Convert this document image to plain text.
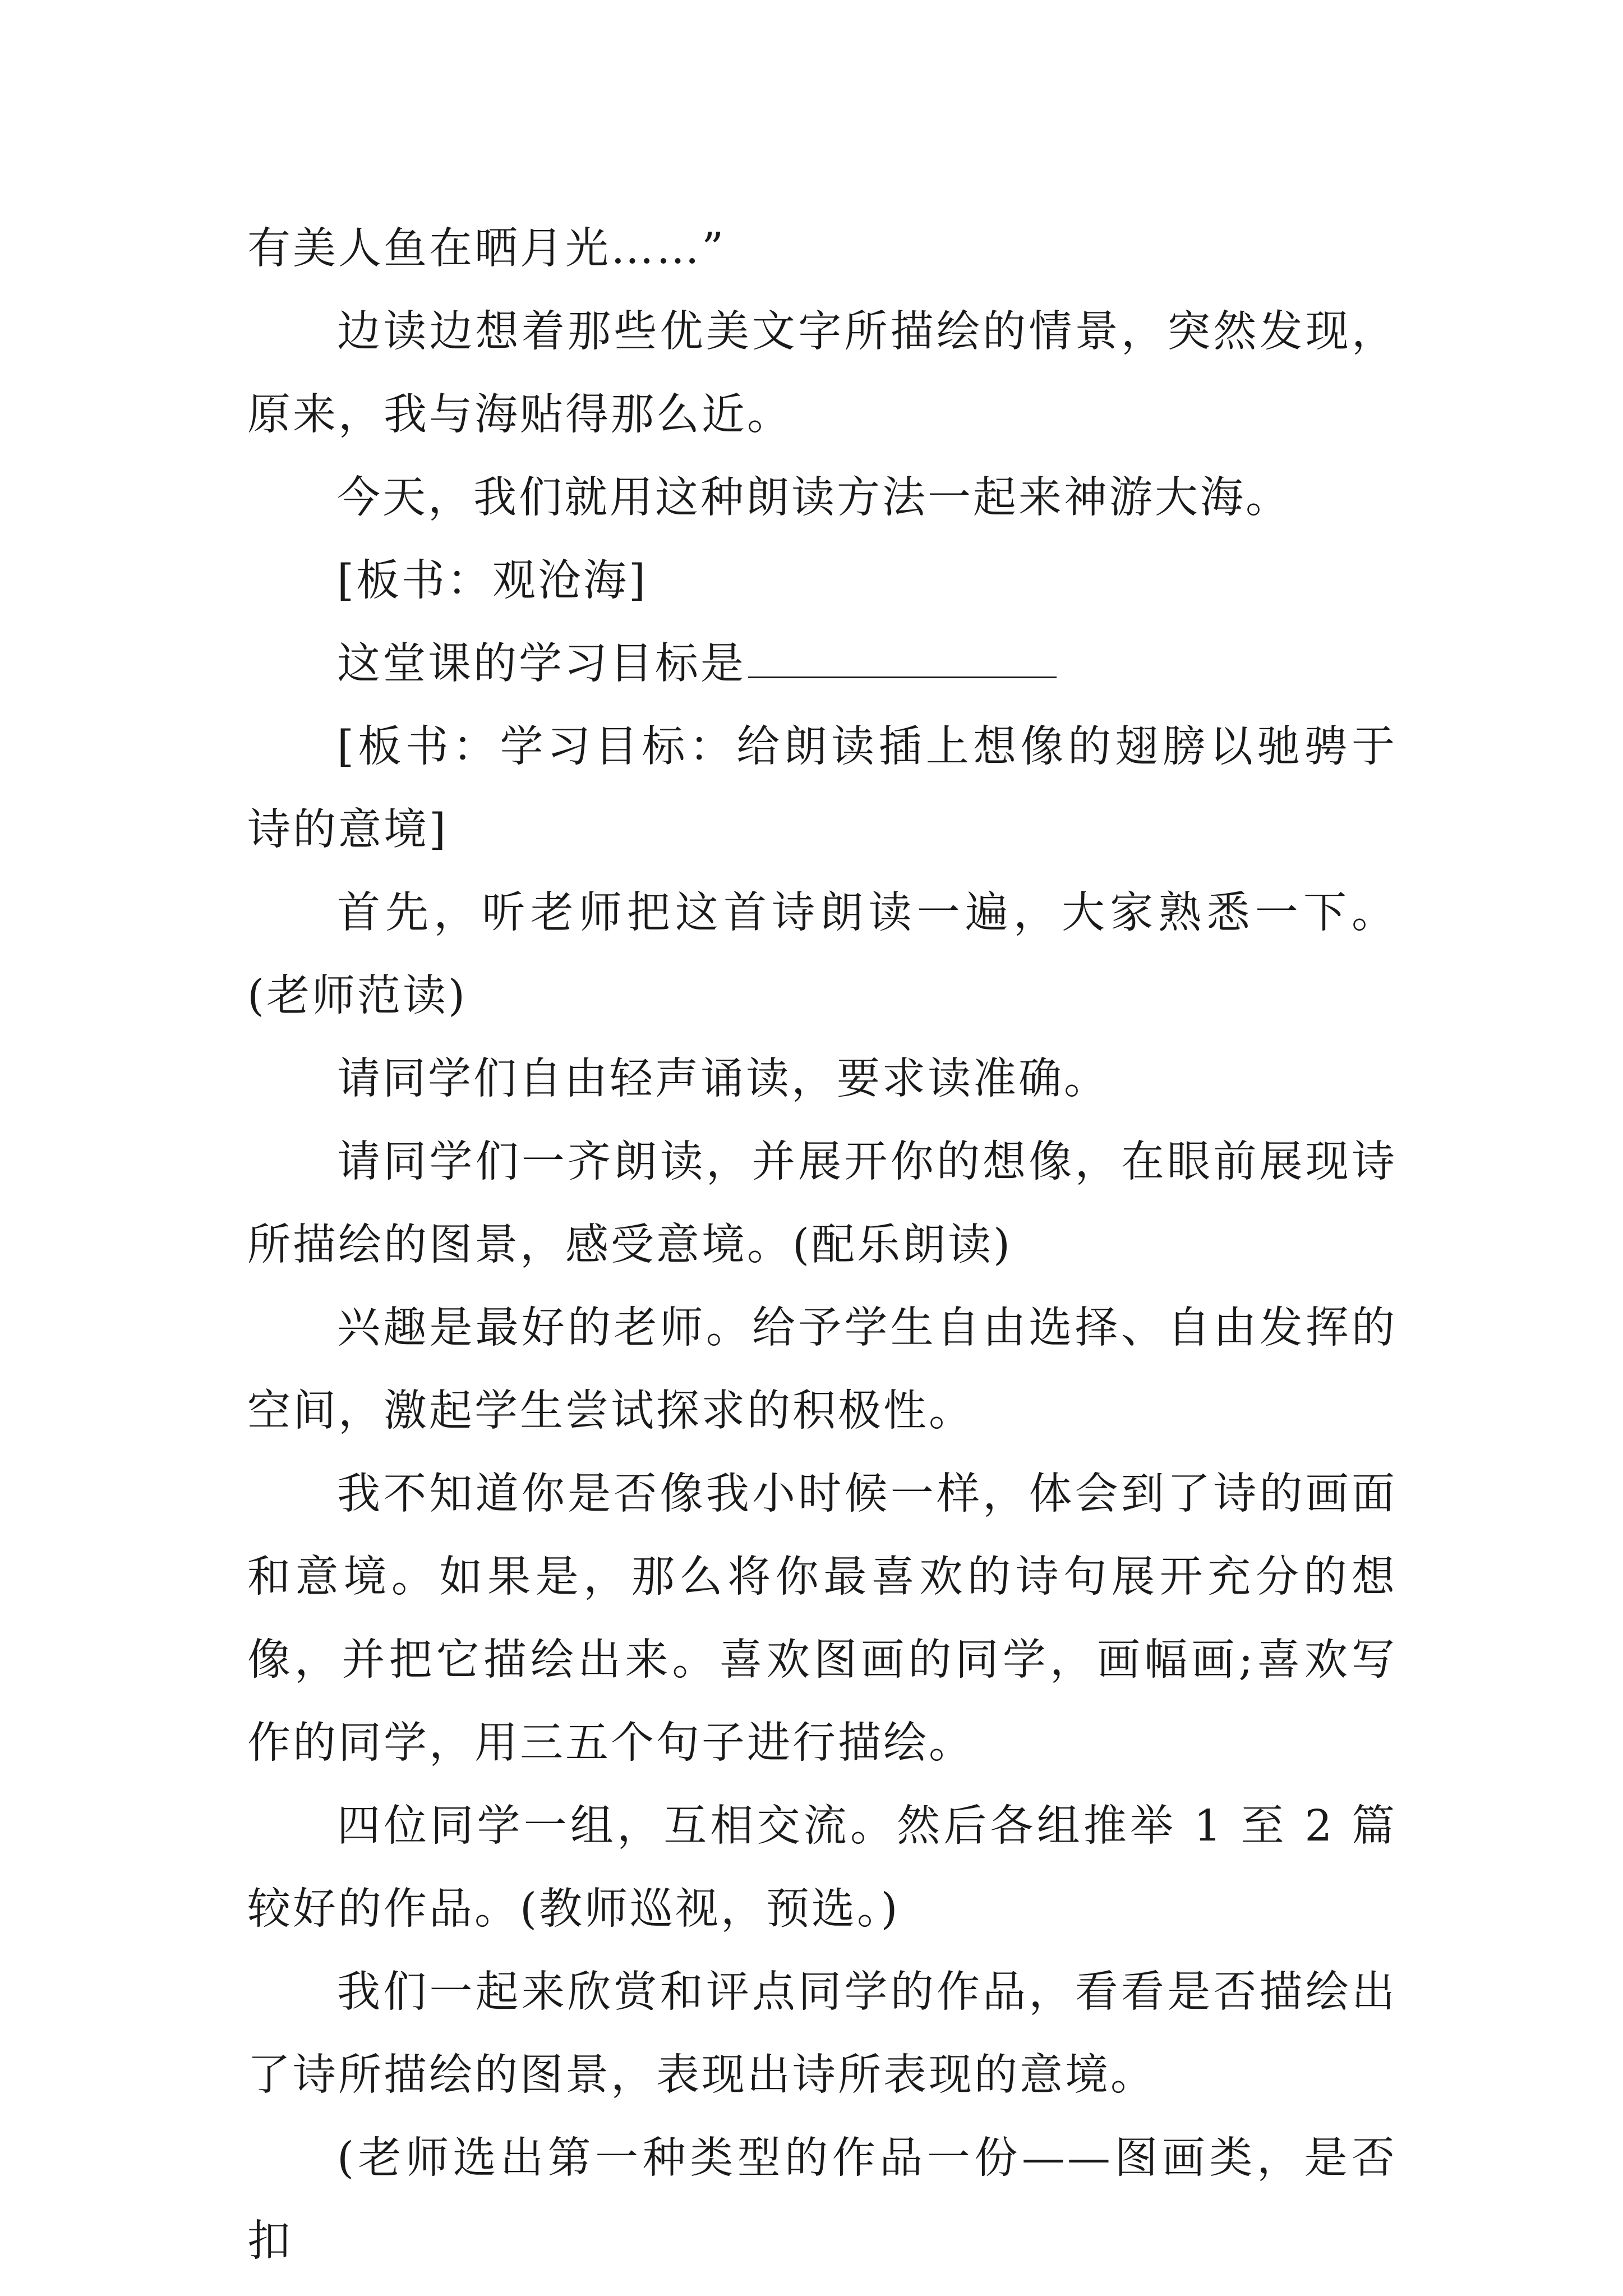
有美人鱼在晒月光……”

边读边想着那些优美文字所描绘的情景，突然发现，原来，我与海贴得那么近。

今天，我们就用这种朗读方法一起来神游大海。

[板书：观沧海]

这堂课的学习目标是

[板书：学习目标：给朗读插上想像的翅膀以驰骋于诗的意境]

首先，听老师把这首诗朗读一遍，大家熟悉一下。(老师范读)

请同学们自由轻声诵读，要求读准确。

请同学们一齐朗读，并展开你的想像，在眼前展现诗所描绘的图景，感受意境。(配乐朗读)

兴趣是最好的老师。给予学生自由选择、自由发挥的空间，激起学生尝试探求的积极性。

我不知道你是否像我小时候一样，体会到了诗的画面和意境。如果是，那么将你最喜欢的诗句展开充分的想像，并把它描绘出来。喜欢图画的同学，画幅画;喜欢写作的同学，用三五个句子进行描绘。

四位同学一组，互相交流。然后各组推举 1 至 2 篇较好的作品。(教师巡视，预选。)

我们一起来欣赏和评点同学的作品，看看是否描绘出了诗所描绘的图景，表现出诗所表现的意境。

(老师选出第一种类型的作品一份——图画类，是否扣
